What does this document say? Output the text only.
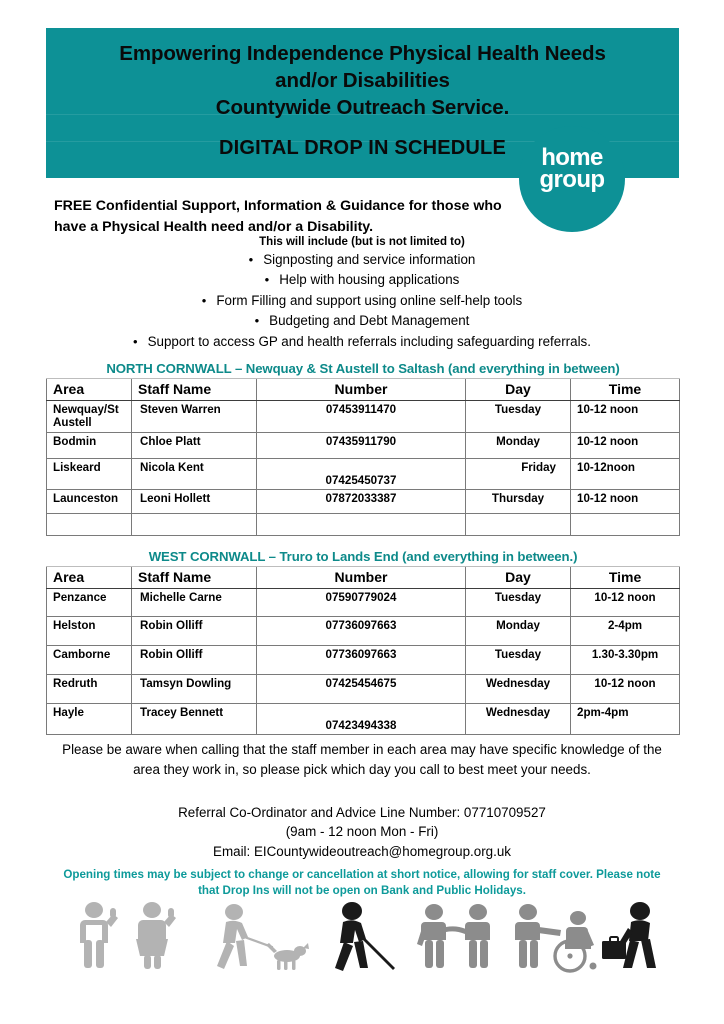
Empowering Independence Physical Health Needs
and/or Disabilities
Countywide Outreach Service.
DIGITAL DROP IN SCHEDULE	home
group
FREE Confidential Support, Information & Guidance for those who
have a Physical Health need and/or a Disability.
This will include (but is not limited to)
• Signposting and service information
• Help with housing applications
• Form Filling and support using online self-help tools
• Budgeting and Debt Management
• Support to access GP and health referrals including safeguarding referrals.
NORTH CORNWALL – Newquay & St Austell to Saltash (and everything in between)				
Area	Staff Name	Number	Day	Time
Newquay/St Austell	Steven Warren	07453911470	Tuesday	10-12 noon
Bodmin	Chloe Platt	07435911790	Monday	10-12 noon
Liskeard	Nicola Kent	07425450737	Friday	10-12noon
Launceston	Leoni Hollett	07872033387	Thursday	10-12 noon

WEST CORNWALL – Truro to Lands End (and everything in between.)				
Area	Staff Name	Number	Day	Time
Penzance	Michelle Carne	07590779024	Tuesday	10-12 noon
Helston	Robin Olliff	07736097663	Monday	2-4pm
Camborne	Robin Olliff	07736097663	Tuesday	1.30-3.30pm
Redruth	Tamsyn Dowling	07425454675	Wednesday	10-12 noon
Hayle	Tracey Bennett	07423494338	Wednesday	2pm-4pm
Please be aware when calling that the staff member in each area may have specific knowledge of the area they work in, so please pick which day you call to best meet your needs.
Referral Co-Ordinator and Advice Line Number: 07710709527
(9am - 12 noon Mon - Fri)
Email: EICountywideoutreach@homegroup.org.uk
Opening times may be subject to change or cancellation at short notice, allowing for staff cover. Please note that Drop Ins will not be open on Bank and Public Holidays.
